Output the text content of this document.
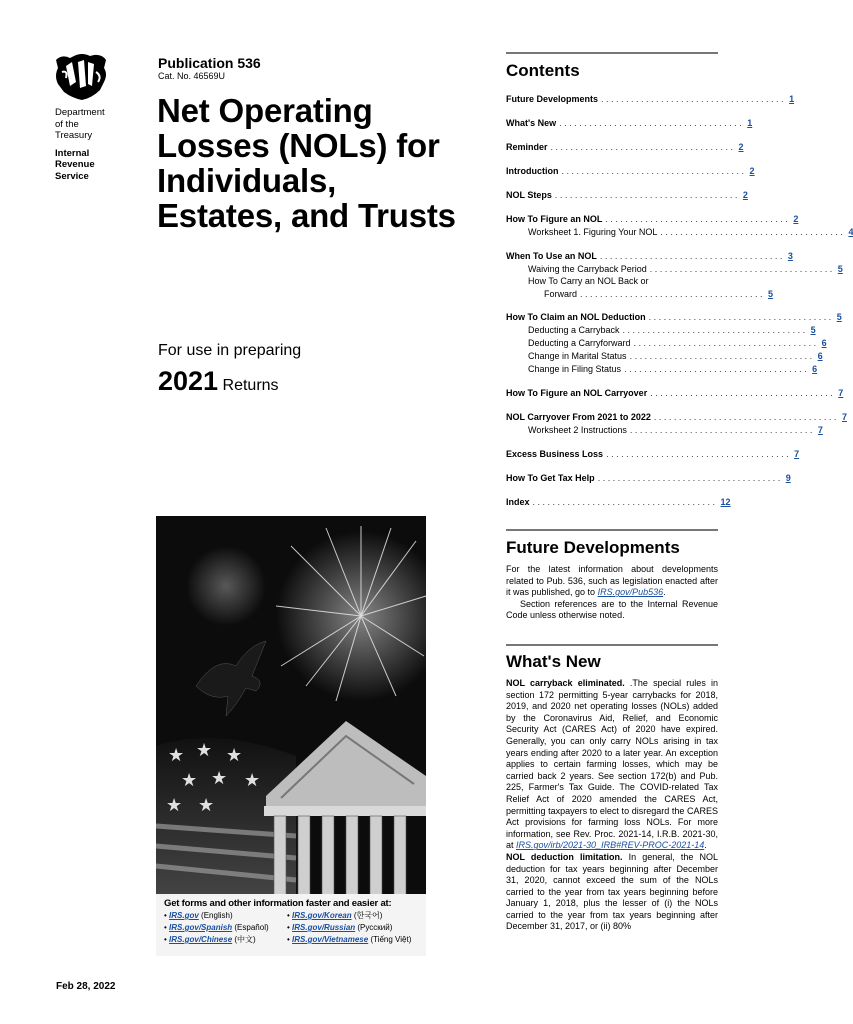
Department
of the
Treasury
Internal
Revenue
Service
Publication 536
Cat. No. 46569U
Net Operating Losses (NOLs) for Individuals, Estates, and Trusts
For use in preparing
2021 Returns
★ ★ ★
★ ★ ★
★ ★
Get forms and other information faster and easier at:
• IRS.gov (English)
• IRS.gov/Spanish (Español)
• IRS.gov/Chinese (中文)
• IRS.gov/Korean (한국어)
• IRS.gov/Russian (Русский)
• IRS.gov/Vietnamese (Tiếng Việt)
Feb 28, 2022
Contents
Future Developments ..................................... 1
What's New ..................................... 1
Reminder ..................................... 2
Introduction ..................................... 2
NOL Steps ..................................... 2
How To Figure an NOL ..................................... 2
Worksheet 1. Figuring Your NOL ..................................... 4
When To Use an NOL ..................................... 3
Waiving the Carryback Period ..................................... 5
How To Carry an NOL Back or
Forward ..................................... 5
How To Claim an NOL Deduction ..................................... 5
Deducting a Carryback ..................................... 5
Deducting a Carryforward ..................................... 6
Change in Marital Status ..................................... 6
Change in Filing Status ..................................... 6
How To Figure an NOL Carryover ..................................... 7
NOL Carryover From 2021 to 2022 ..................................... 7
Worksheet 2 Instructions ..................................... 7
Excess Business Loss ..................................... 7
How To Get Tax Help ..................................... 9
Index ..................................... 12
Future Developments
For the latest information about developments related to Pub. 536, such as legislation enacted after it was published, go to IRS.gov/Pub536.
Section references are to the Internal Revenue Code unless otherwise noted.
What's New
NOL carryback eliminated. .The special rules in section 172 permitting 5-year carrybacks for 2018, 2019, and 2020 net operating losses (NOLs) added by the Coronavirus Aid, Relief, and Economic Security Act (CARES Act) of 2020 have expired. Generally, you can only carry NOLs arising in tax years ending after 2020 to a later year. An exception applies to certain farming losses, which may be carried back 2 years. See section 172(b) and Pub. 225, Farmer's Tax Guide. The COVID-related Tax Relief Act of 2020 amended the CARES Act, permitting taxpayers to elect to disregard the CARES Act provisions for farming loss NOLs. For more information, see Rev. Proc. 2021-14, I.R.B. 2021-30, at IRS.gov/irb/2021-30_IRB#REV-PROC-2021-14.
NOL deduction limitation. In general, the NOL deduction for tax years beginning after December 31, 2020, cannot exceed the sum of the NOLs carried to the year from tax years beginning before January 1, 2018, plus the lesser of (i) the NOLs carried to the year from tax years beginning after December 31, 2017, or (ii) 80%
